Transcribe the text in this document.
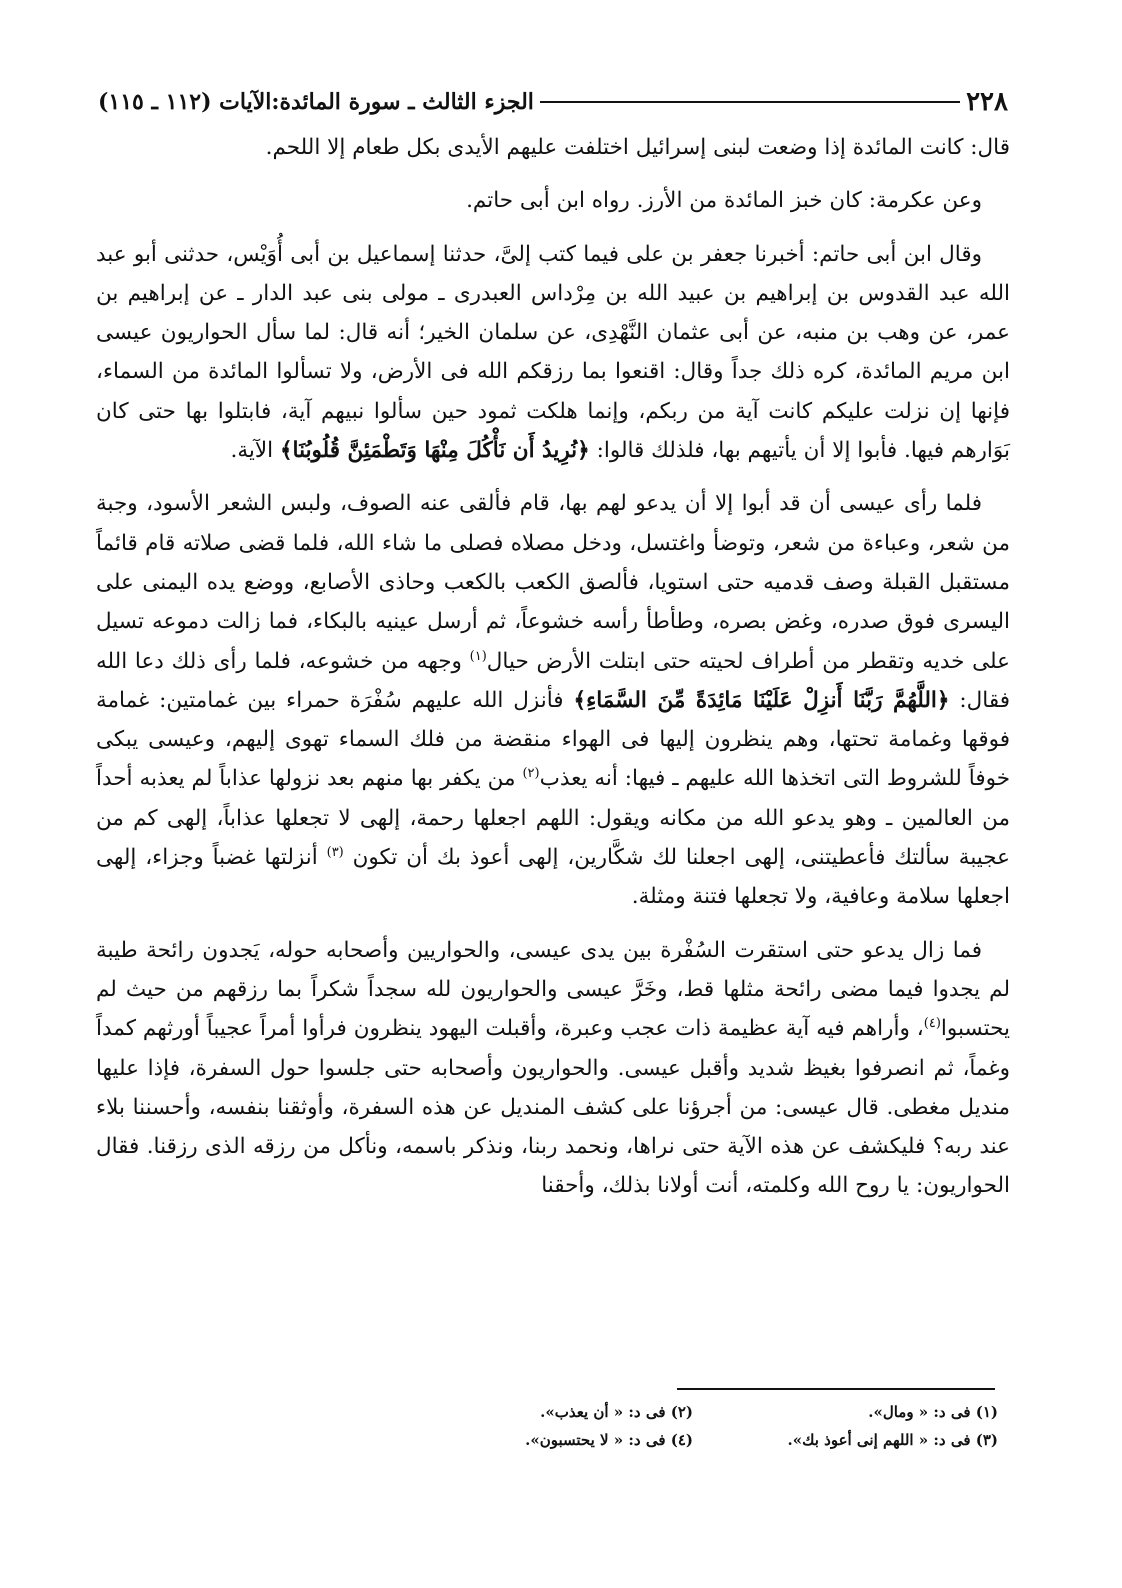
٢٢٨
الجزء الثالث ـ سورة المائدة:الآيات (١١٢ ـ ١١٥)

قال: كانت المائدة إذا وضعت لبنى إسرائيل اختلفت عليهم الأيدى بكل طعام إلا اللحم.

وعن عكرمة: كان خبز المائدة من الأرز. رواه ابن أبى حاتم.

وقال ابن أبى حاتم: أخبرنا جعفر بن على فيما كتب إلىَّ، حدثنا إسماعيل بن أبى أُوَيْس، حدثنى أبو عبد الله عبد القدوس بن إبراهيم بن عبيد الله بن مِرْداس العبدرى ـ مولى بنى عبد الدار ـ عن إبراهيم بن عمر، عن وهب بن منبه، عن أبى عثمان النَّهْدِى، عن سلمان الخير؛ أنه قال: لما سأل الحواريون عيسى ابن مريم المائدة، كره ذلك جداً وقال: اقنعوا بما رزقكم الله فى الأرض، ولا تسألوا المائدة من السماء، فإنها إن نزلت عليكم كانت آية من ربكم، وإنما هلكت ثمود حين سألوا نبيهم آية، فابتلوا بها حتى كان بَوَارهم فيها. فأبوا إلا أن يأتيهم بها، فلذلك قالوا: ﴿نُرِيدُ أَن نَأْكُلَ مِنْهَا وَتَطْمَئِنَّ قُلُوبُنَا﴾ الآية.

فلما رأى عيسى أن قد أبوا إلا أن يدعو لهم بها، قام فألقى عنه الصوف، ولبس الشعر الأسود، وجبة من شعر، وعباءة من شعر، وتوضأ واغتسل، ودخل مصلاه فصلى ما شاء الله، فلما قضى صلاته قام قائماً مستقبل القبلة وصف قدميه حتى استويا، فألصق الكعب بالكعب وحاذى الأصابع، ووضع يده اليمنى على اليسرى فوق صدره، وغض بصره، وطأطأ رأسه خشوعاً، ثم أرسل عينيه بالبكاء، فما زالت دموعه تسيل على خديه وتقطر من أطراف لحيته حتى ابتلت الأرض حيال$^{(١)}$ وجهه من خشوعه، فلما رأى ذلك دعا الله فقال: ﴿اللَّهُمَّ رَبَّنَا أَنزِلْ عَلَيْنَا مَائِدَةً مِّنَ السَّمَاءِ﴾ فأنزل الله عليهم سُفْرَة حمراء بين غمامتين: غمامة فوقها وغمامة تحتها، وهم ينظرون إليها فى الهواء منقضة من فلك السماء تهوى إليهم، وعيسى يبكى خوفاً للشروط التى اتخذها الله عليهم ـ فيها: أنه يعذب$^{(٢)}$ من يكفر بها منهم بعد نزولها عذاباً لم يعذبه أحداً من العالمين ـ وهو يدعو الله من مكانه ويقول: اللهم اجعلها رحمة، إلهى لا تجعلها عذاباً، إلهى كم من عجيبة سألتك فأعطيتنى، إلهى اجعلنا لك شكَّارين، إلهى أعوذ بك أن تكون $^{(٣)}$ أنزلتها غضباً وجزاء، إلهى اجعلها سلامة وعافية، ولا تجعلها فتنة ومثلة.

فما زال يدعو حتى استقرت السُفْرة بين يدى عيسى، والحواريين وأصحابه حوله، يَجدون رائحة طيبة لم يجدوا فيما مضى رائحة مثلها قط، وخَرَّ عيسى والحواريون لله سجداً شكراً بما رزقهم من حيث لم يحتسبوا$^{(٤)}$، وأراهم فيه آية عظيمة ذات عجب وعبرة، وأقبلت اليهود ينظرون فرأوا أمراً عجيباً أورثهم كمداً وغماً، ثم انصرفوا بغيظ شديد وأقبل عيسى. والحواريون وأصحابه حتى جلسوا حول السفرة، فإذا عليها منديل مغطى. قال عيسى: من أجرؤنا على كشف المنديل عن هذه السفرة، وأوثقنا بنفسه، وأحسننا بلاء عند ربه؟ فليكشف عن هذه الآية حتى نراها، ونحمد ربنا، ونذكر باسمه، ونأكل من رزقه الذى رزقنا. فقال الحواريون: يا روح الله وكلمته، أنت أولانا بذلك، وأحقنا

(١) فى د: « ومال».
(٢) فى د: « أن يعذب».
(٣) فى د: « اللهم إنى أعوذ بك».
(٤) فى د: « لا يحتسبون».
